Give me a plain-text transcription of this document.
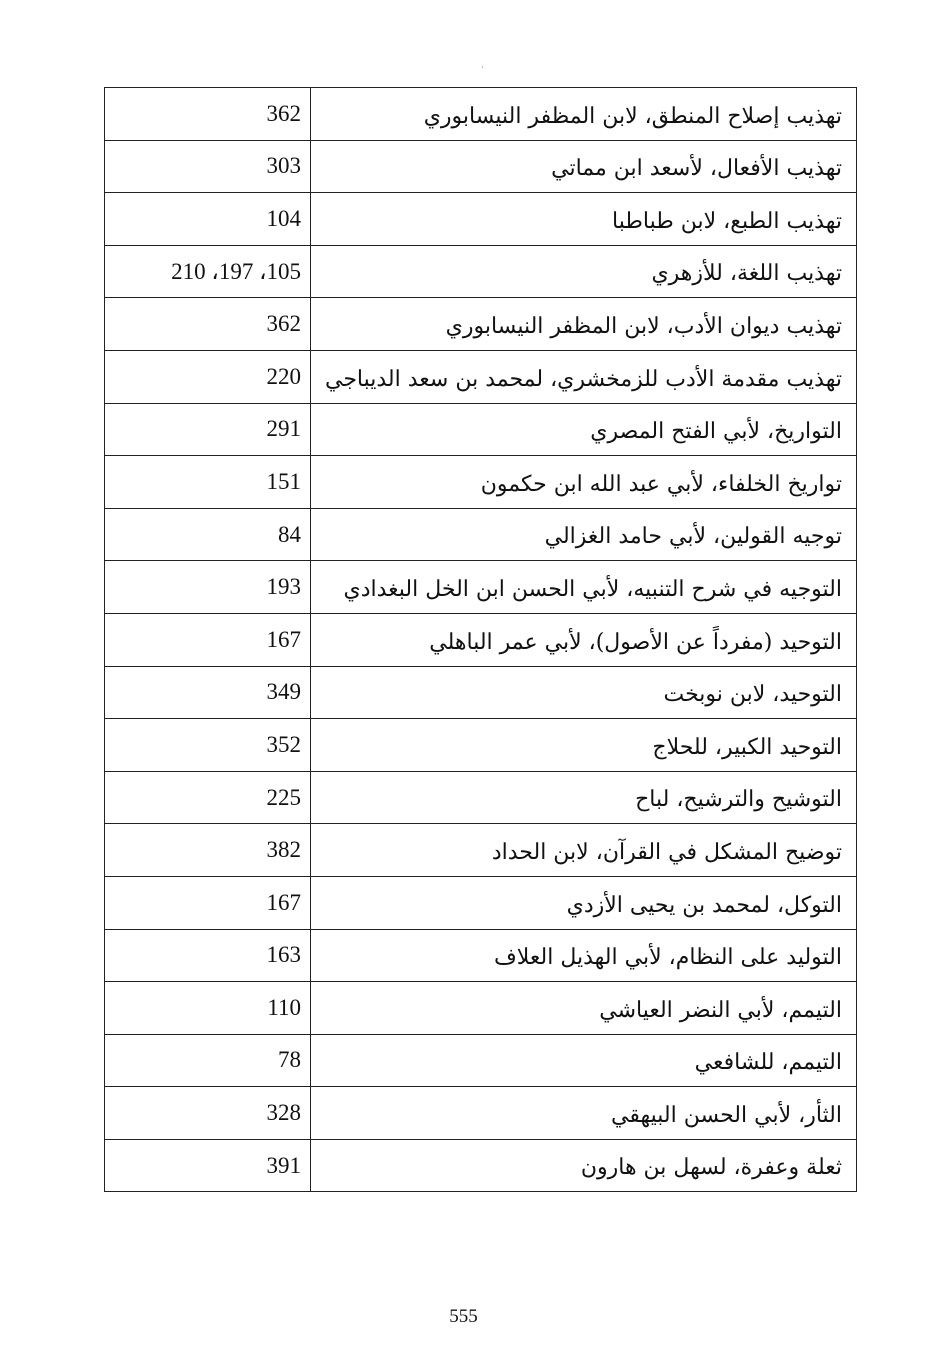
تهذيب إصلاح المنطق، لابن المظفر النيسابوري	362
تهذيب الأفعال، لأسعد ابن مماتي	303
تهذيب الطبع، لابن طباطبا	104
تهذيب اللغة، للأزهري	105، 197، 210
تهذيب ديوان الأدب، لابن المظفر النيسابوري	362
تهذيب مقدمة الأدب للزمخشري، لمحمد بن سعد الديباجي	220
التواريخ، لأبي الفتح المصري	291
تواريخ الخلفاء، لأبي عبد الله ابن حكمون	151
توجيه القولين، لأبي حامد الغزالي	84
التوجيه في شرح التنبيه، لأبي الحسن ابن الخل البغدادي	193
التوحيد (مفرداً عن الأصول)، لأبي عمر الباهلي	167
التوحيد، لابن نوبخت	349
التوحيد الكبير، للحلاج	352
التوشيح والترشيح، لباح	225
توضيح المشكل في القرآن، لابن الحداد	382
التوكل، لمحمد بن يحيى الأزدي	167
التوليد على النظام، لأبي الهذيل العلاف	163
التيمم، لأبي النضر العياشي	110
التيمم، للشافعي	78
الثأر، لأبي الحسن البيهقي	328
ثعلة وعفرة، لسهل بن هارون	391
555
